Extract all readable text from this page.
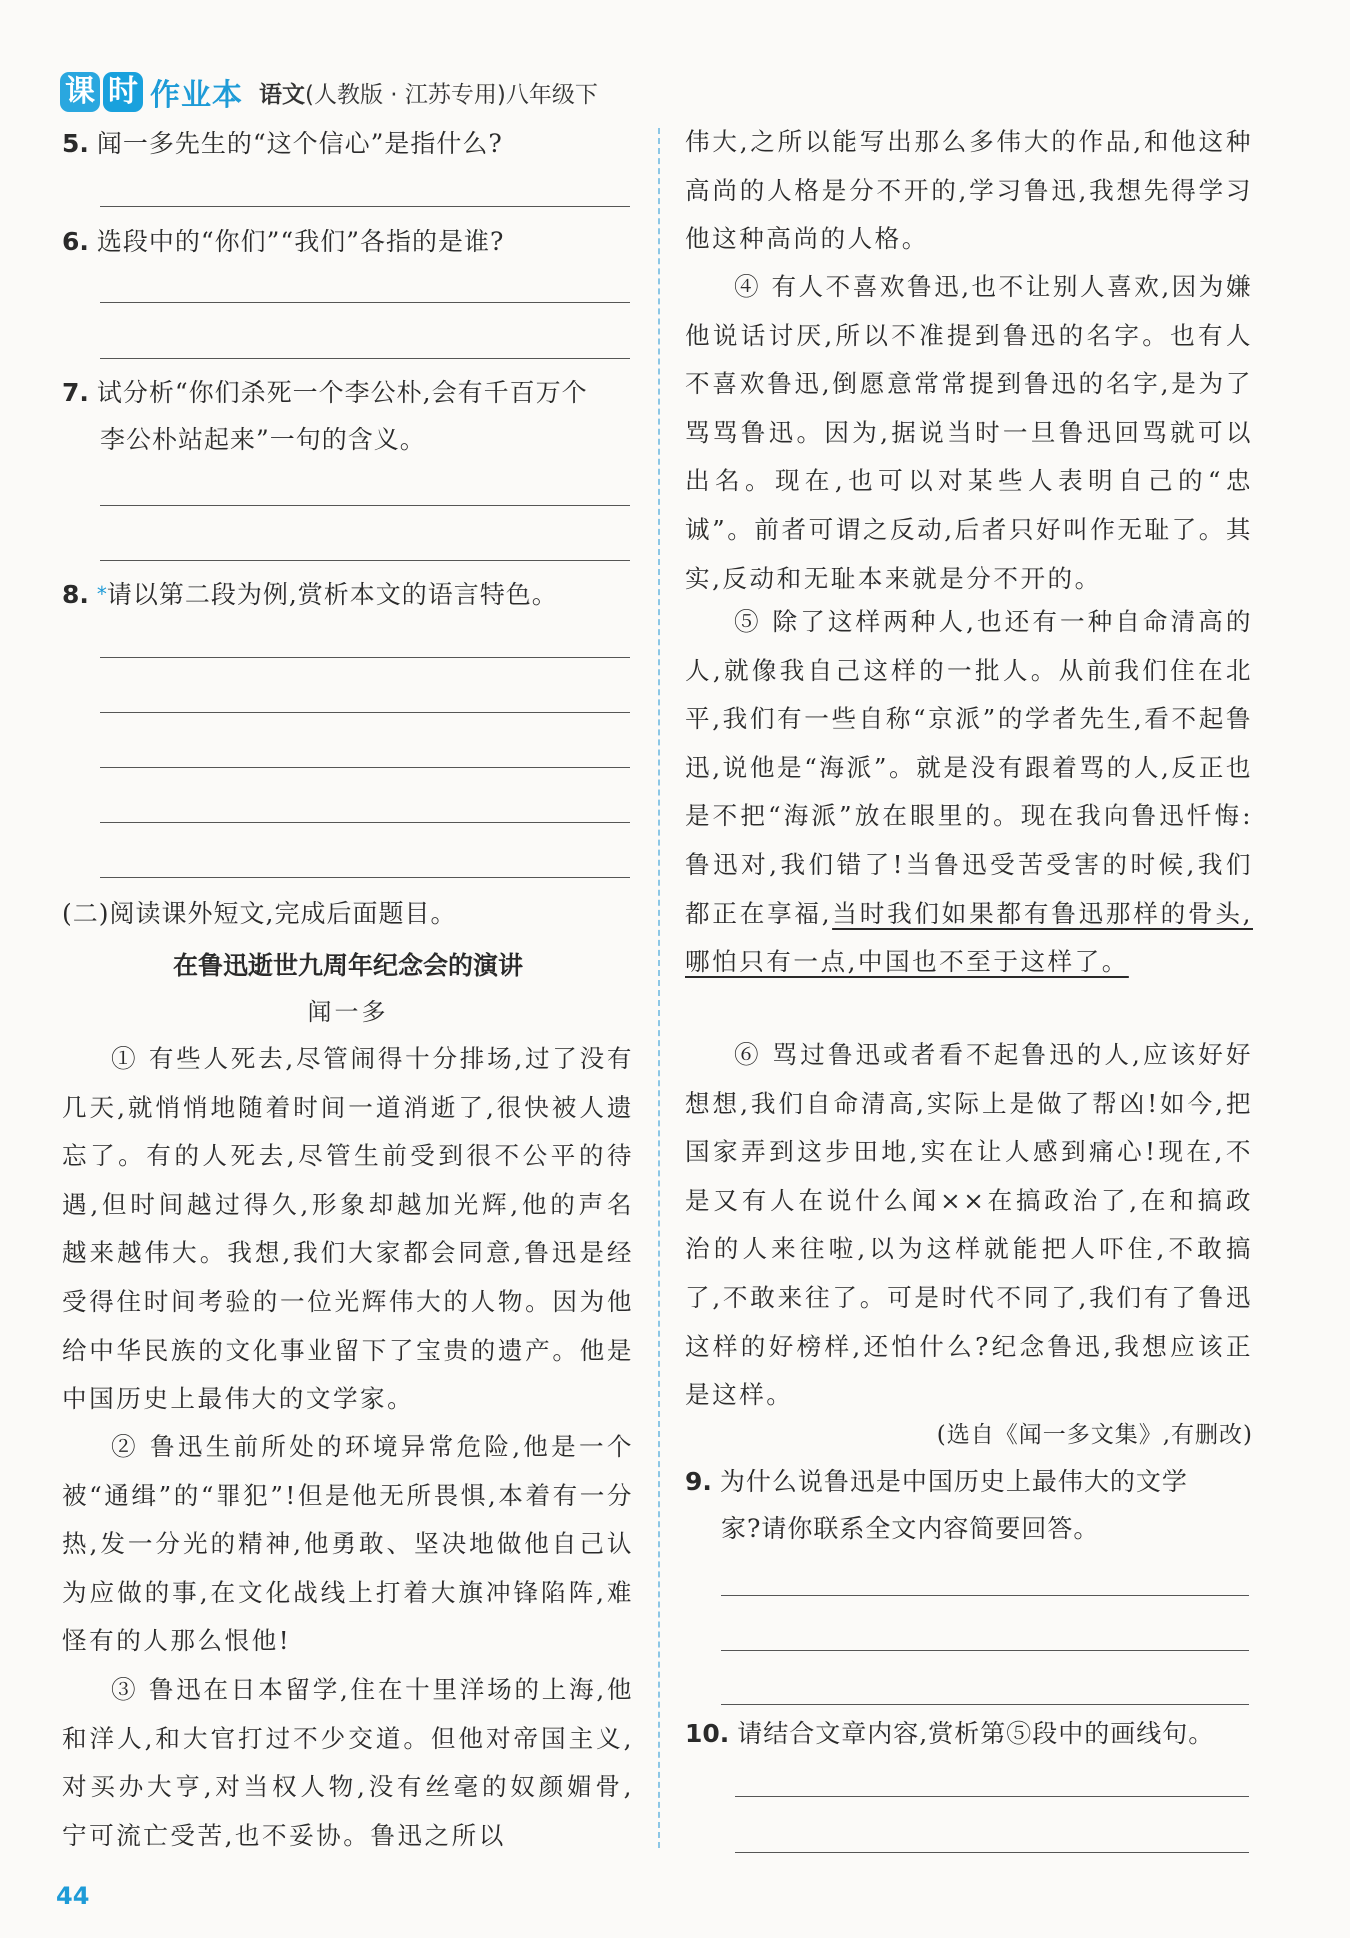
课 时 作业本 语文(人教版 · 江苏专用)八年级下
5. 闻一多先生的“这个信心”是指什么?
6. 选段中的“你们”“我们”各指的是谁?
7. 试分析“你们杀死一个李公朴,会有千百万个
李公朴站起来”一句的含义。
8. *请以第二段为例,赏析本文的语言特色。
(二)阅读课外短文,完成后面题目。
在鲁迅逝世九周年纪念会的演讲
闻一多
① 有些人死去,尽管闹得十分排场,过了没有几天,就悄悄地随着时间一道消逝了,很快被人遗忘了。有的人死去,尽管生前受到很不公平的待遇,但时间越过得久,形象却越加光辉,他的声名越来越伟大。我想,我们大家都会同意,鲁迅是经受得住时间考验的一位光辉伟大的人物。因为他给中华民族的文化事业留下了宝贵的遗产。他是中国历史上最伟大的文学家。
② 鲁迅生前所处的环境异常危险,他是一个被“通缉”的“罪犯”!但是他无所畏惧,本着有一分热,发一分光的精神,他勇敢、坚决地做他自己认为应做的事,在文化战线上打着大旗冲锋陷阵,难怪有的人那么恨他!
③ 鲁迅在日本留学,住在十里洋场的上海,他和洋人,和大官打过不少交道。但他对帝国主义,对买办大亨,对当权人物,没有丝毫的奴颜媚骨,宁可流亡受苦,也不妥协。鲁迅之所以
伟大,之所以能写出那么多伟大的作品,和他这种高尚的人格是分不开的,学习鲁迅,我想先得学习他这种高尚的人格。
④ 有人不喜欢鲁迅,也不让别人喜欢,因为嫌他说话讨厌,所以不准提到鲁迅的名字。也有人不喜欢鲁迅,倒愿意常常提到鲁迅的名字,是为了骂骂鲁迅。因为,据说当时一旦鲁迅回骂就可以出名。现在,也可以对某些人表明自己的“忠诚”。前者可谓之反动,后者只好叫作无耻了。其实,反动和无耻本来就是分不开的。
⑤ 除了这样两种人,也还有一种自命清高的人,就像我自己这样的一批人。从前我们住在北平,我们有一些自称“京派”的学者先生,看不起鲁迅,说他是“海派”。就是没有跟着骂的人,反正也是不把“海派”放在眼里的。现在我向鲁迅忏悔:鲁迅对,我们错了!当鲁迅受苦受害的时候,我们都正在享福,当时我们如果都有鲁迅那样的骨头,哪怕只有一点,中国也不至于这样了。
⑥ 骂过鲁迅或者看不起鲁迅的人,应该好好想想,我们自命清高,实际上是做了帮凶!如今,把国家弄到这步田地,实在让人感到痛心!现在,不是又有人在说什么闻××在搞政治了,在和搞政治的人来往啦,以为这样就能把人吓住,不敢搞了,不敢来往了。可是时代不同了,我们有了鲁迅这样的好榜样,还怕什么?纪念鲁迅,我想应该正是这样。
(选自《闻一多文集》,有删改)
9. 为什么说鲁迅是中国历史上最伟大的文学
家?请你联系全文内容简要回答。
10. 请结合文章内容,赏析第⑤段中的画线句。
44
